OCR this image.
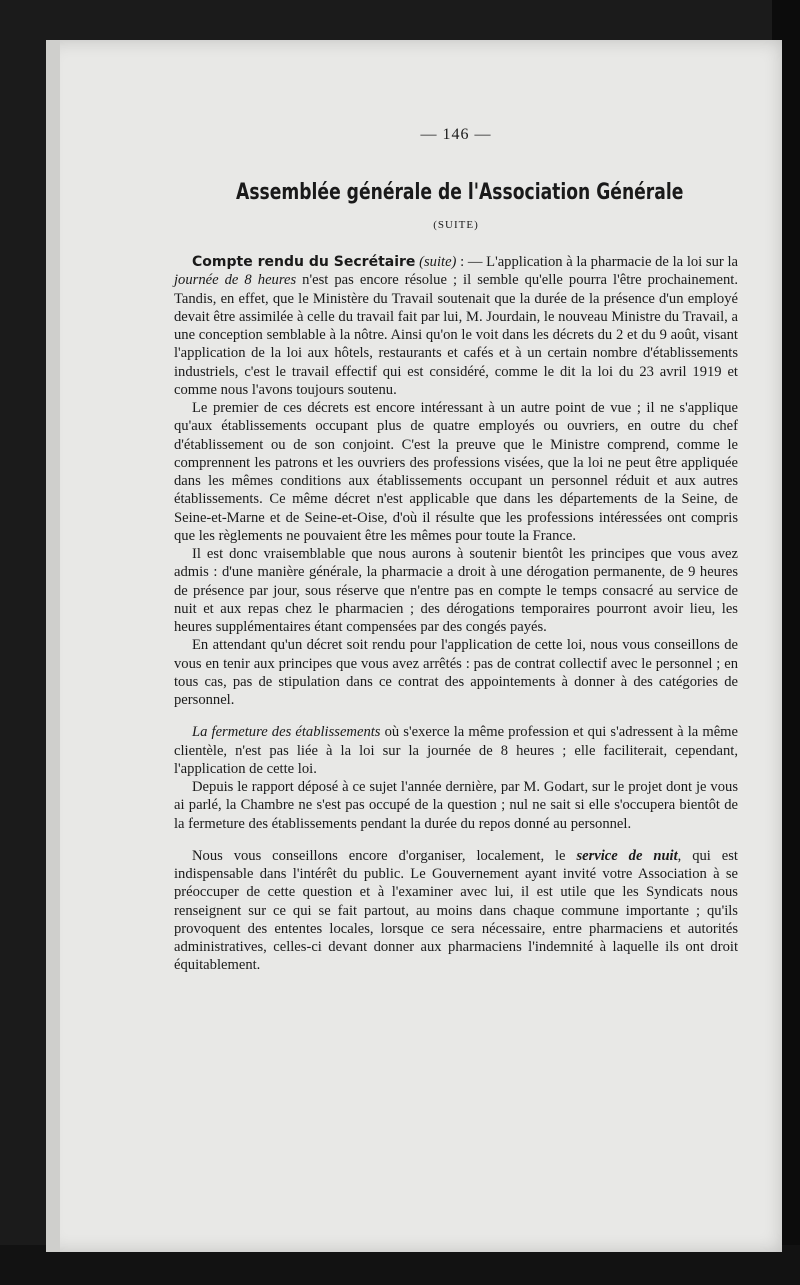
— 146 —
Assemblée générale de l'Association Générale
(SUITE)

Compte rendu du Secrétaire (suite) : — L'application à la pharmacie de la loi sur la journée de 8 heures n'est pas encore résolue ; il semble qu'elle pourra l'être prochainement. Tandis, en effet, que le Ministère du Travail soutenait que la durée de la présence d'un employé devait être assimilée à celle du travail fait par lui, M. Jourdain, le nouveau Ministre du Travail, a une conception semblable à la nôtre. Ainsi qu'on le voit dans les décrets du 2 et du 9 août, visant l'application de la loi aux hôtels, restaurants et cafés et à un certain nombre d'établissements industriels, c'est le travail effectif qui est considéré, comme le dit la loi du 23 avril 1919 et comme nous l'avons toujours soutenu.

Le premier de ces décrets est encore intéressant à un autre point de vue ; il ne s'applique qu'aux établissements occupant plus de quatre employés ou ouvriers, en outre du chef d'établissement ou de son conjoint. C'est la preuve que le Ministre comprend, comme le comprennent les patrons et les ouvriers des professions visées, que la loi ne peut être appliquée dans les mêmes conditions aux établissements occupant un personnel réduit et aux autres établissements. Ce même décret n'est applicable que dans les départements de la Seine, de Seine-et-Marne et de Seine-et-Oise, d'où il résulte que les professions intéressées ont compris que les règlements ne pouvaient être les mêmes pour toute la France.

Il est donc vraisemblable que nous aurons à soutenir bientôt les principes que vous avez admis : d'une manière générale, la pharmacie a droit à une dérogation permanente, de 9 heures de présence par jour, sous réserve que n'entre pas en compte le temps consacré au service de nuit et aux repas chez le pharmacien ; des dérogations temporaires pourront avoir lieu, les heures supplémentaires étant compensées par des congés payés.

En attendant qu'un décret soit rendu pour l'application de cette loi, nous vous conseillons de vous en tenir aux principes que vous avez arrêtés : pas de contrat collectif avec le personnel ; en tous cas, pas de stipulation dans ce contrat des appointements à donner à des catégories de personnel.

La fermeture des établissements où s'exerce la même profession et qui s'adressent à la même clientèle, n'est pas liée à la loi sur la journée de 8 heures ; elle faciliterait, cependant, l'application de cette loi.

Depuis le rapport déposé à ce sujet l'année dernière, par M. Godart, sur le projet dont je vous ai parlé, la Chambre ne s'est pas occupé de la question ; nul ne sait si elle s'occupera bientôt de la fermeture des établissements pendant la durée du repos donné au personnel.

Nous vous conseillons encore d'organiser, localement, le service de nuit, qui est indispensable dans l'intérêt du public. Le Gouvernement ayant invité votre Association à se préoccuper de cette question et à l'examiner avec lui, il est utile que les Syndicats nous renseignent sur ce qui se fait partout, au moins dans chaque commune importante ; qu'ils provoquent des ententes locales, lorsque ce sera nécessaire, entre pharmaciens et autorités administratives, celles-ci devant donner aux pharmaciens l'indemnité à laquelle ils ont droit équitablement.
